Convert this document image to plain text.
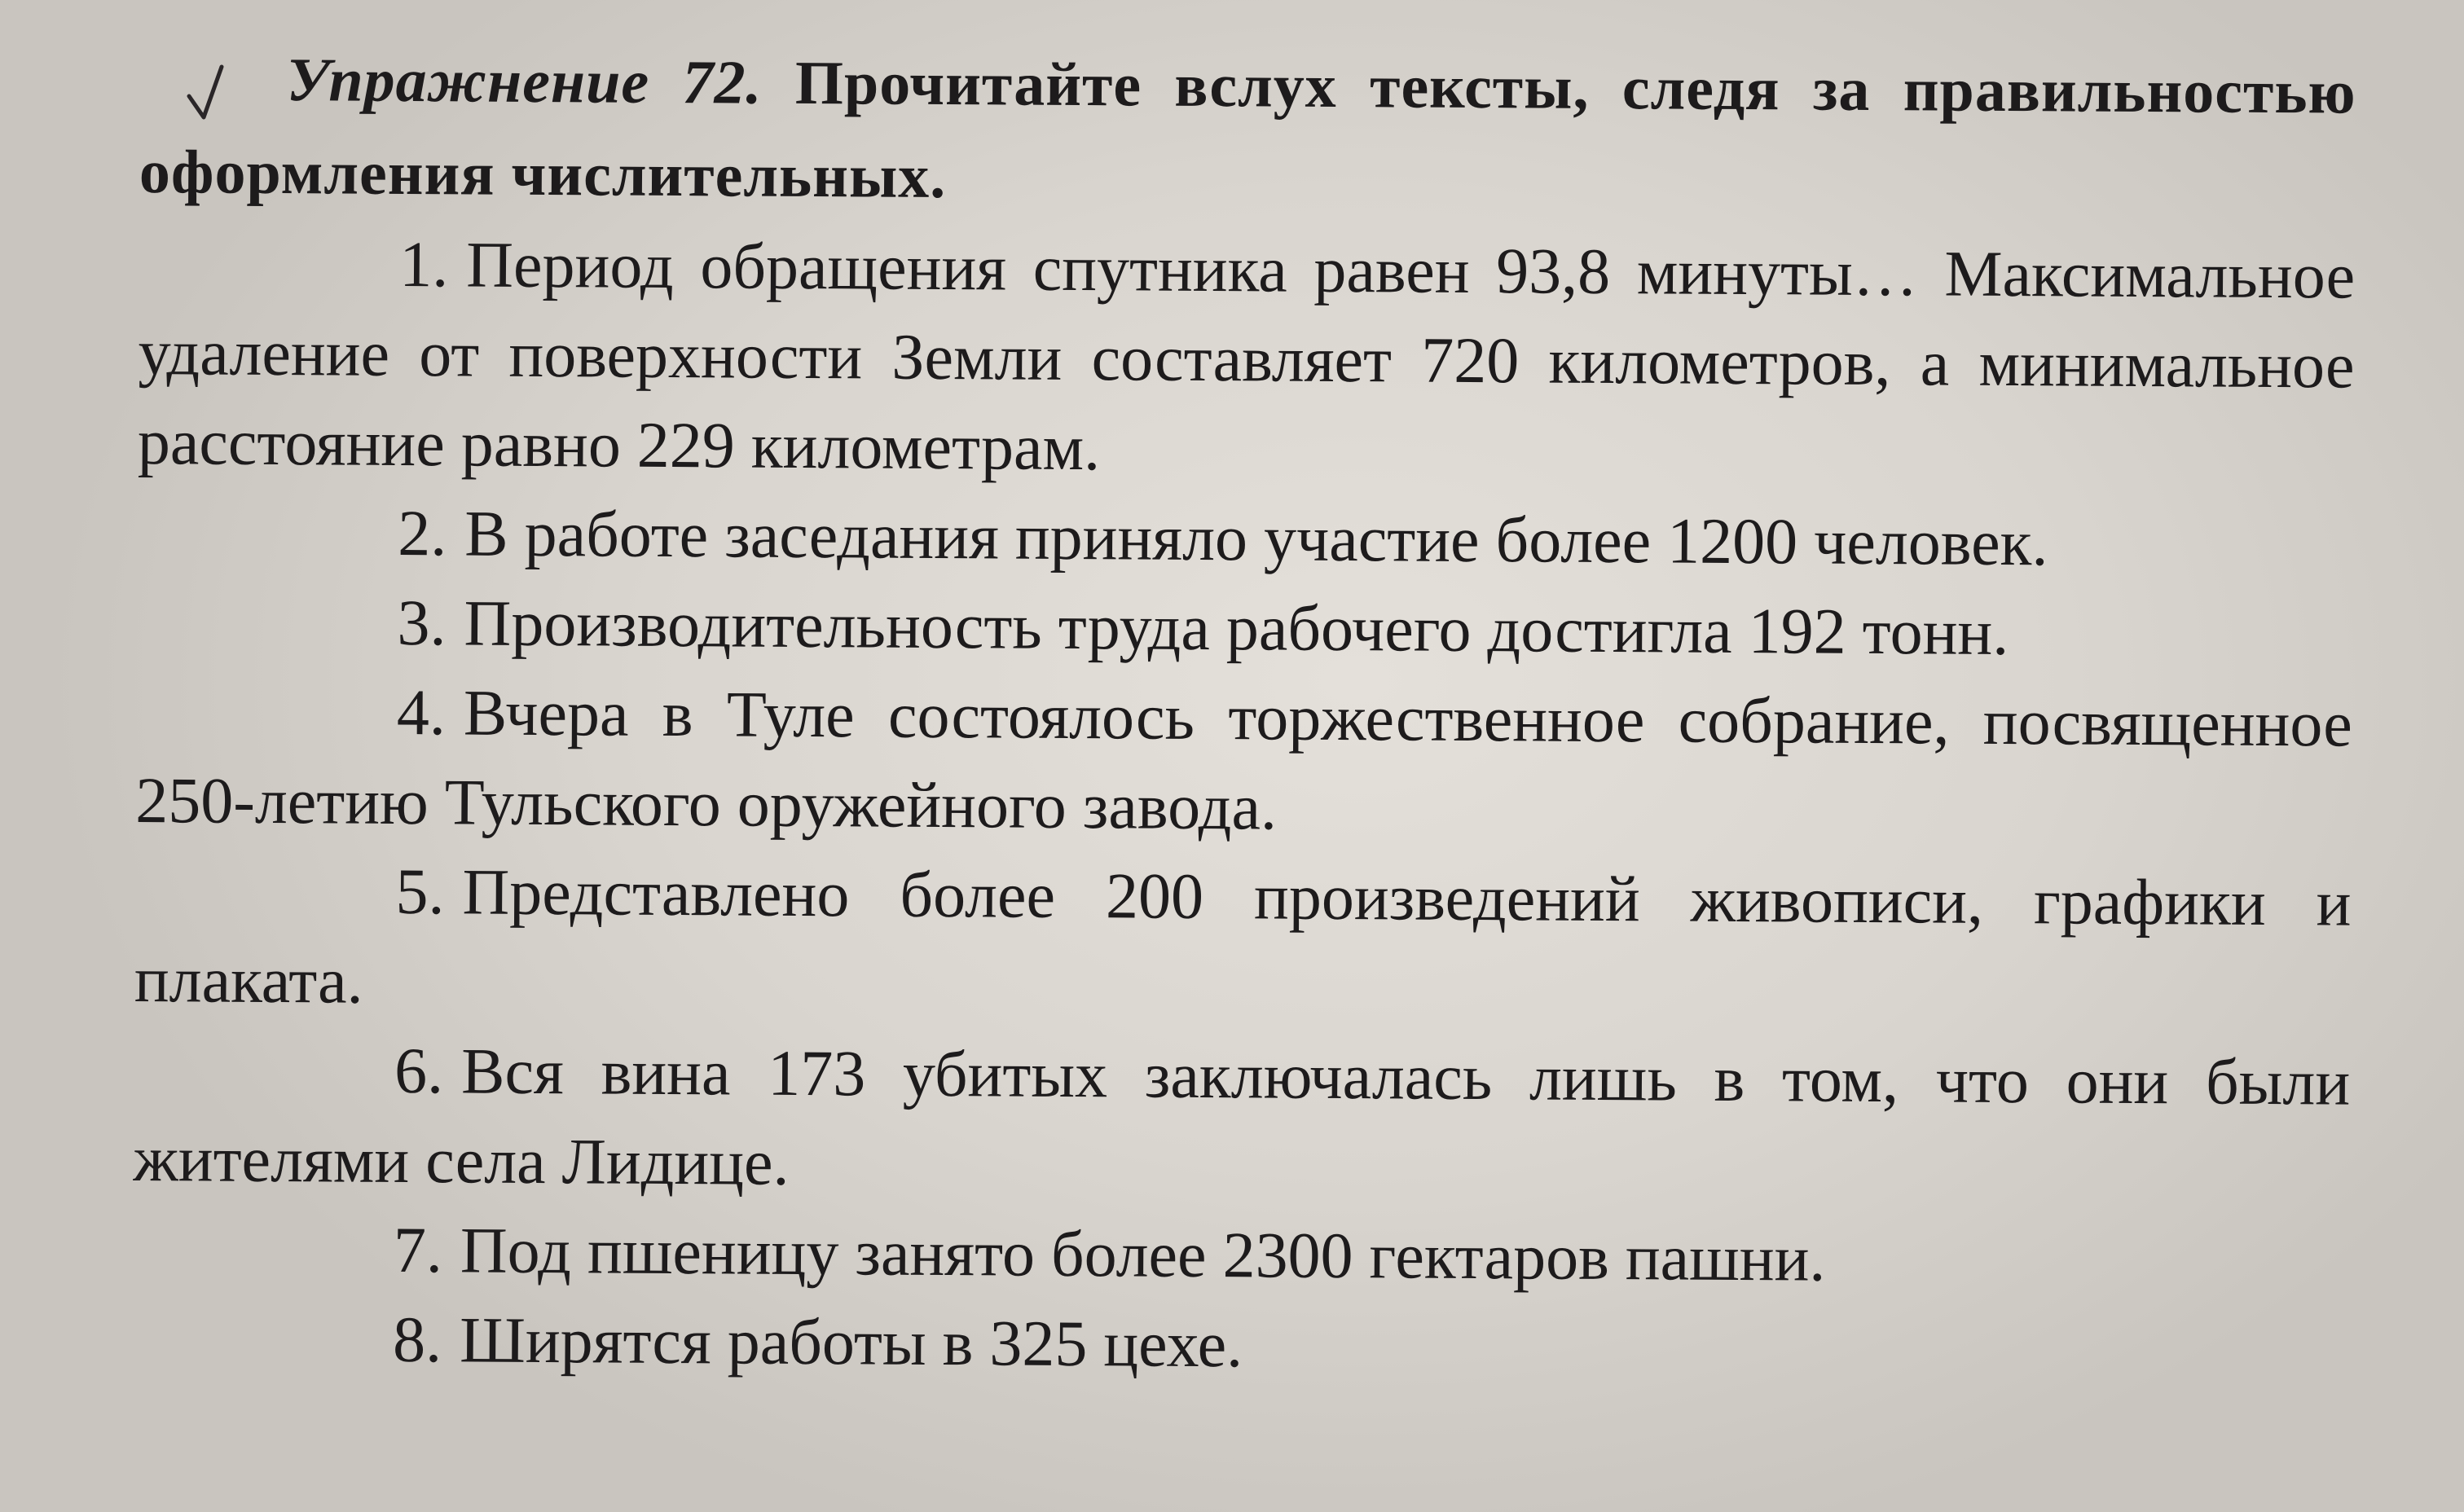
Упражнение 72. Прочитайте вслух тексты, следя за правильностью оформления числительных.

1. Период обращения спутника равен 93,8 минуты… Максимальное удаление от поверхности Земли составляет 720 километров, а минимальное расстояние равно 229 километрам.

2. В работе заседания приняло участие более 1200 человек.

3. Производительность труда рабочего достигла 192 тонн.

4. Вчера в Туле состоялось торжественное собрание, посвященное 250-летию Тульского оружейного завода.

5. Представлено более 200 произведений живописи, графики и плаката.

6. Вся вина 173 убитых заключалась лишь в том, что они были жителями села Лидице.

7. Под пшеницу занято более 2300 гектаров пашни.

8. Ширятся работы в 325 цехе.
